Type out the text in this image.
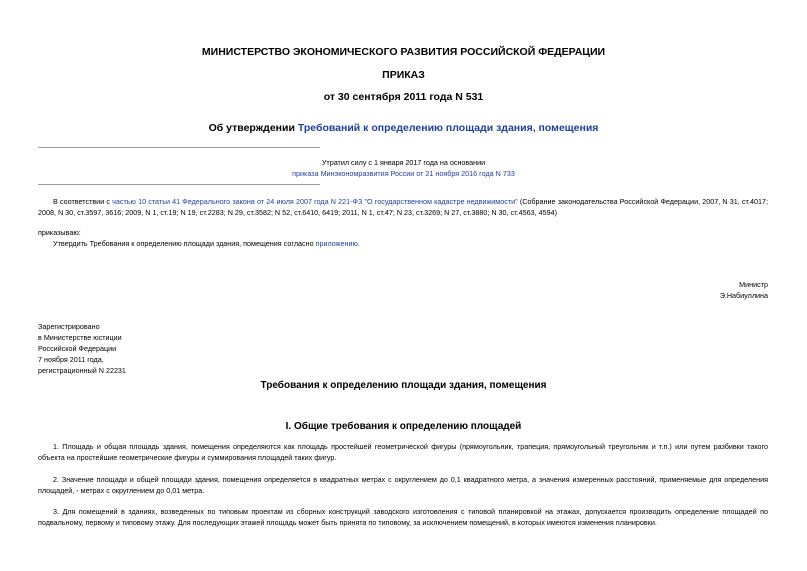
МИНИСТЕРСТВО ЭКОНОМИЧЕСКОГО РАЗВИТИЯ РОССИЙСКОЙ ФЕДЕРАЦИИ
ПРИКАЗ
от 30 сентября 2011 года N 531
Об утверждении Требований к определению площади здания, помещения
Утратил силу с 1 января 2017 года на основании
приказа Минэкономразвития России от 21 ноября 2016 года N 733
В соответствии с частью 10 статьи 41 Федерального закона от 24 июля 2007 года N 221-ФЗ "О государственном кадастре недвижимости" (Собрание законодательства Российской Федерации, 2007, N 31, ст.4017; 2008, N 30, ст.3597, 3616; 2009, N 1, ст.19; N 19, ст.2283; N 29, ст.3582; N 52, ст.6410, 6419; 2011, N 1, ст.47; N 23, ст.3269; N 27, ст.3880; N 30, ст.4563, 4594)
приказываю:
Утвердить Требования к определению площади здания, помещения согласно приложению.
Министр
Э.Набиуллина
Зарегистрировано
в Министерстве юстиции
Российской Федерации
7 ноября 2011 года,
регистрационный N 22231
Требования к определению площади здания, помещения
I. Общие требования к определению площадей
1. Площадь и общая площадь здания, помещения определяются как площадь простейшей геометрической фигуры (прямоугольник, трапеция, прямоугольный треугольник и т.п.) или путем разбивки такого объекта на простейшие геометрические фигуры и суммирования площадей таких фигур.
2. Значение площади и общей площади здания, помещения определяется в квадратных метрах с округлением до 0,1 квадратного метра, а значения измеренных расстояний, применяемые для определения площадей, - метрах с округлением до 0,01 метра.
3. Для помещений в зданиях, возведенных по типовым проектам из сборных конструкций заводского изготовления с типовой планировкой на этажах, допускается производить определение площадей по подвальному, первому и типовому этажу. Для последующих этажей площадь может быть принята по типовому, за исключением помещений, в которых имеются изменения планировки.
